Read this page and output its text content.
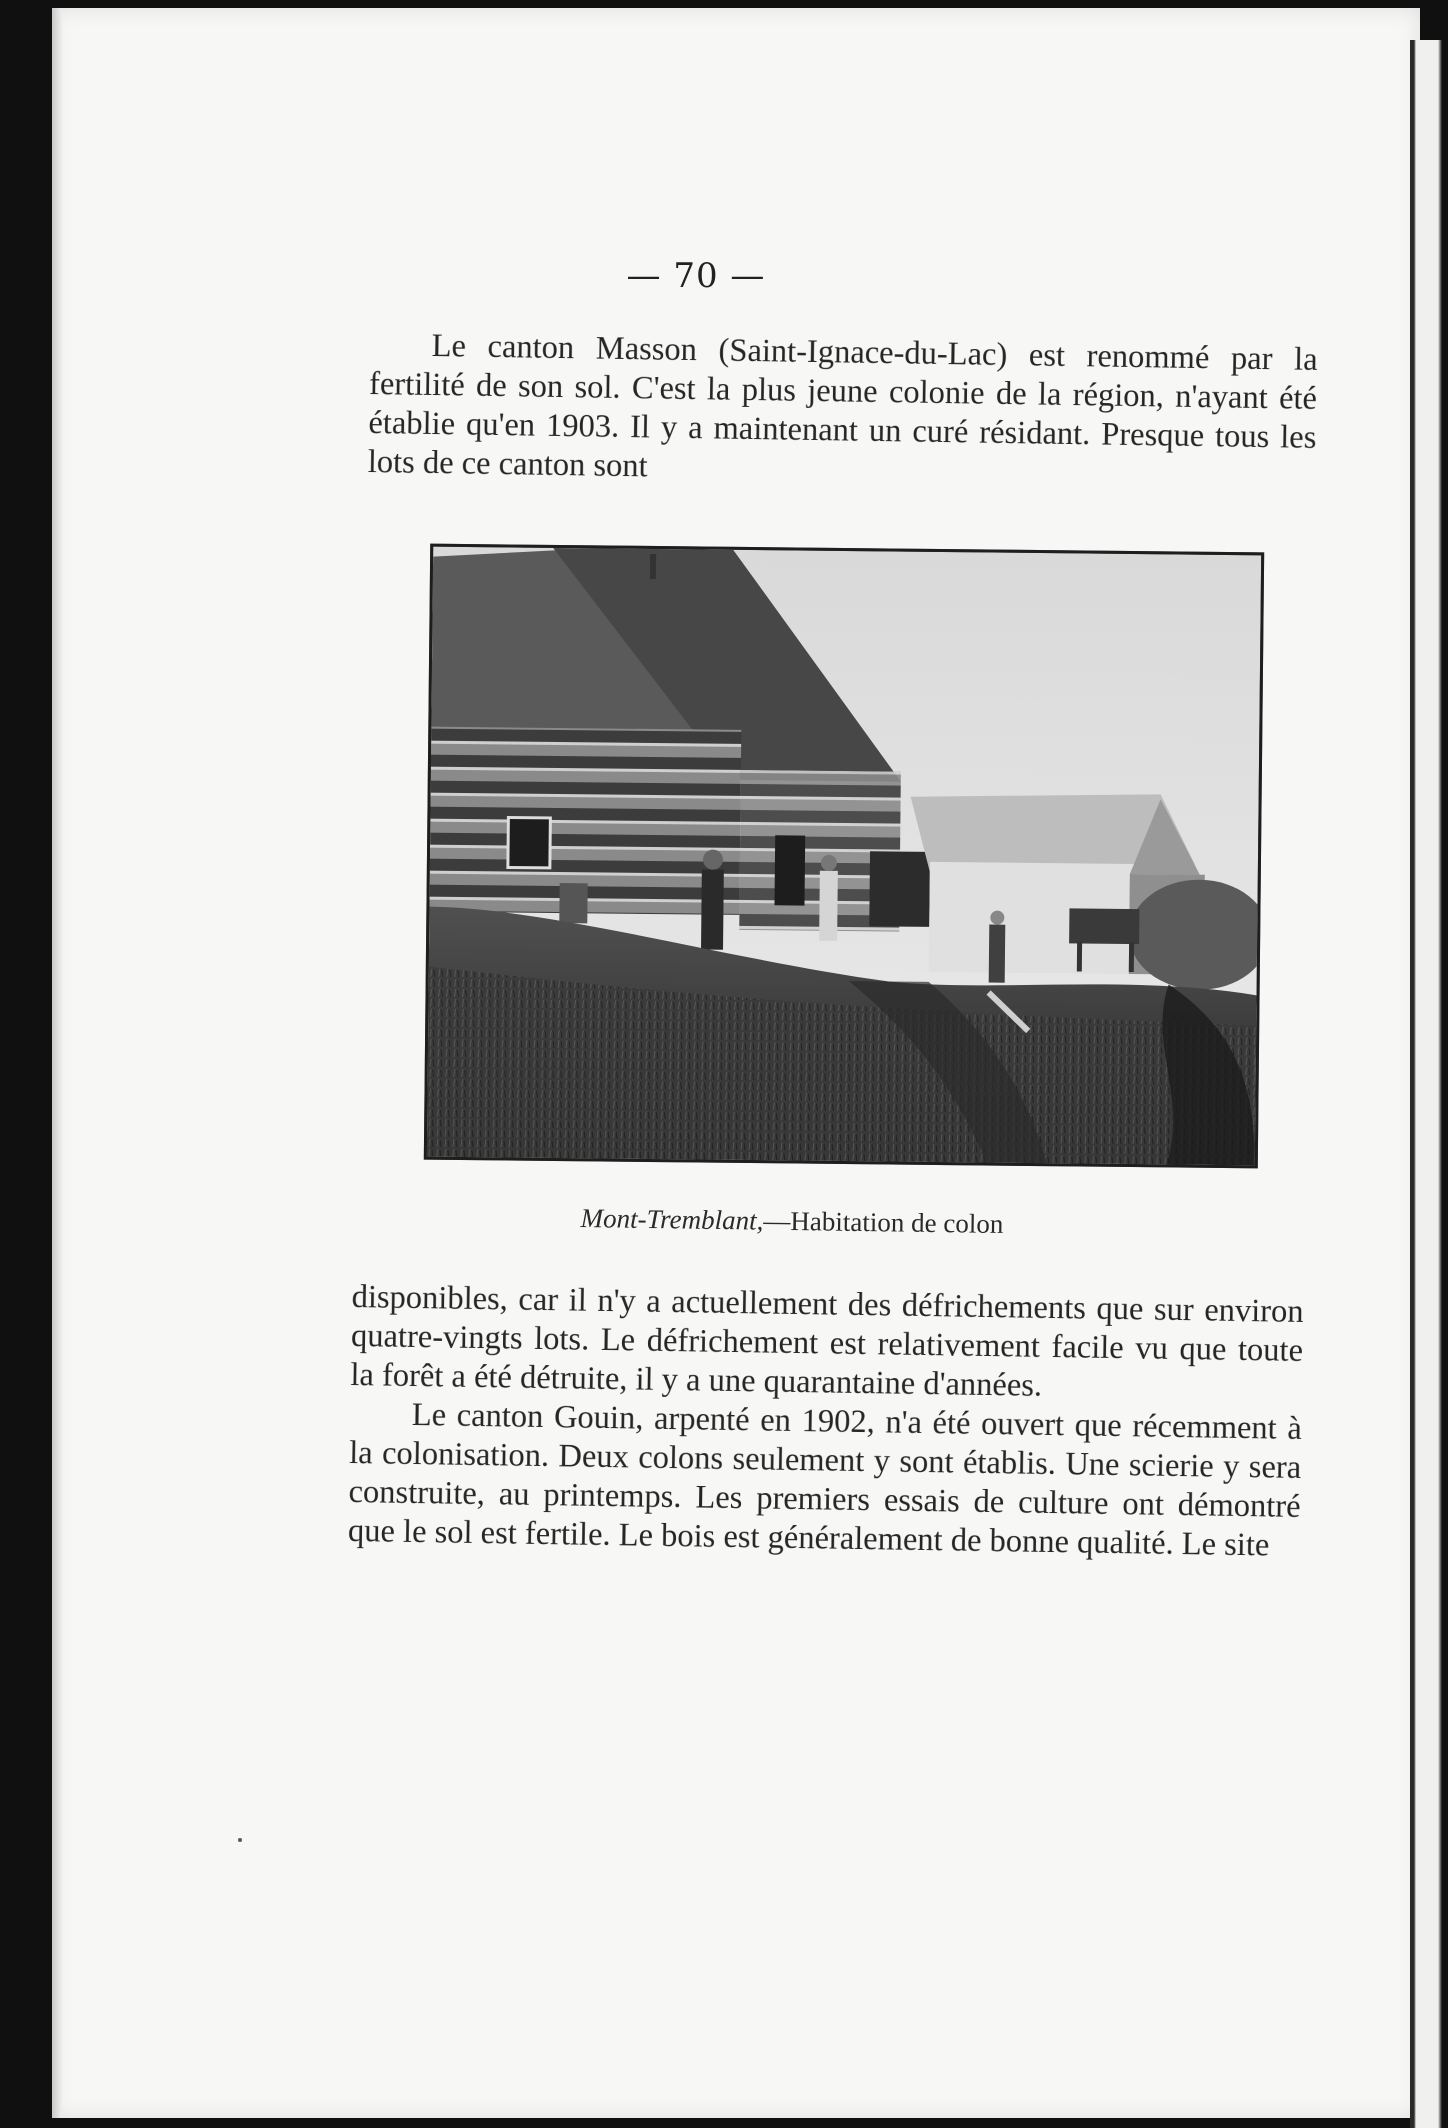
— 70 —

Le canton Masson (Saint-Ignace-du-Lac) est renommé par la fertilité de son sol. C'est la plus jeune colonie de la région, n'ayant été établie qu'en 1903. Il y a maintenant un curé résidant. Presque tous les lots de ce canton sont

Mont-Tremblant,—Habitation de colon

disponibles, car il n'y a actuellement des défrichements que sur environ quatre-vingts lots. Le défrichement est relativement facile vu que toute la forêt a été détruite, il y a une quarantaine d'années.

Le canton Gouin, arpenté en 1902, n'a été ouvert que récemment à la colonisation. Deux colons seulement y sont établis. Une scierie y sera construite, au printemps. Les premiers essais de culture ont démontré que le sol est fertile. Le bois est généralement de bonne qualité. Le site
